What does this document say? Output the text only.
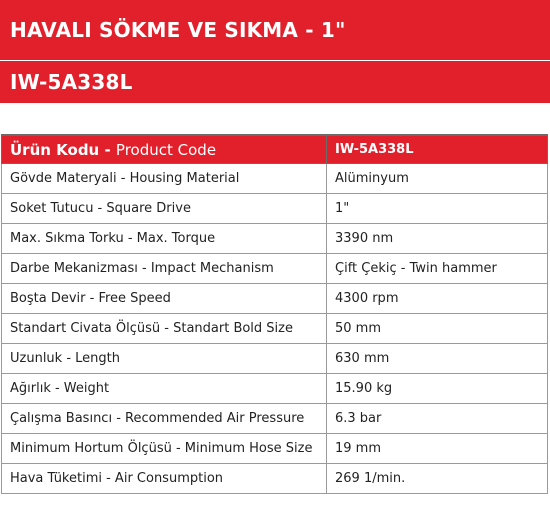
HAVALI SÖKME VE SIKMA - 1"
IW-5A338L
Ürün Kodu - Product Code	IW-5A338L
Gövde Materyali - Housing Material	Alüminyum
Soket Tutucu - Square Drive	1"
Max. Sıkma Torku - Max. Torque	3390 nm
Darbe Mekanizması - Impact Mechanism	Çift Çekiç - Twin hammer
Boşta Devir - Free Speed	4300 rpm
Standart Civata Ölçüsü - Standart Bold Size	50 mm
Uzunluk - Length	630 mm
Ağırlık - Weight	15.90 kg
Çalışma Basıncı - Recommended Air Pressure	6.3 bar
Minimum Hortum Ölçüsü - Minimum Hose Size	19 mm
Hava Tüketimi - Air Consumption	269 1/min.
